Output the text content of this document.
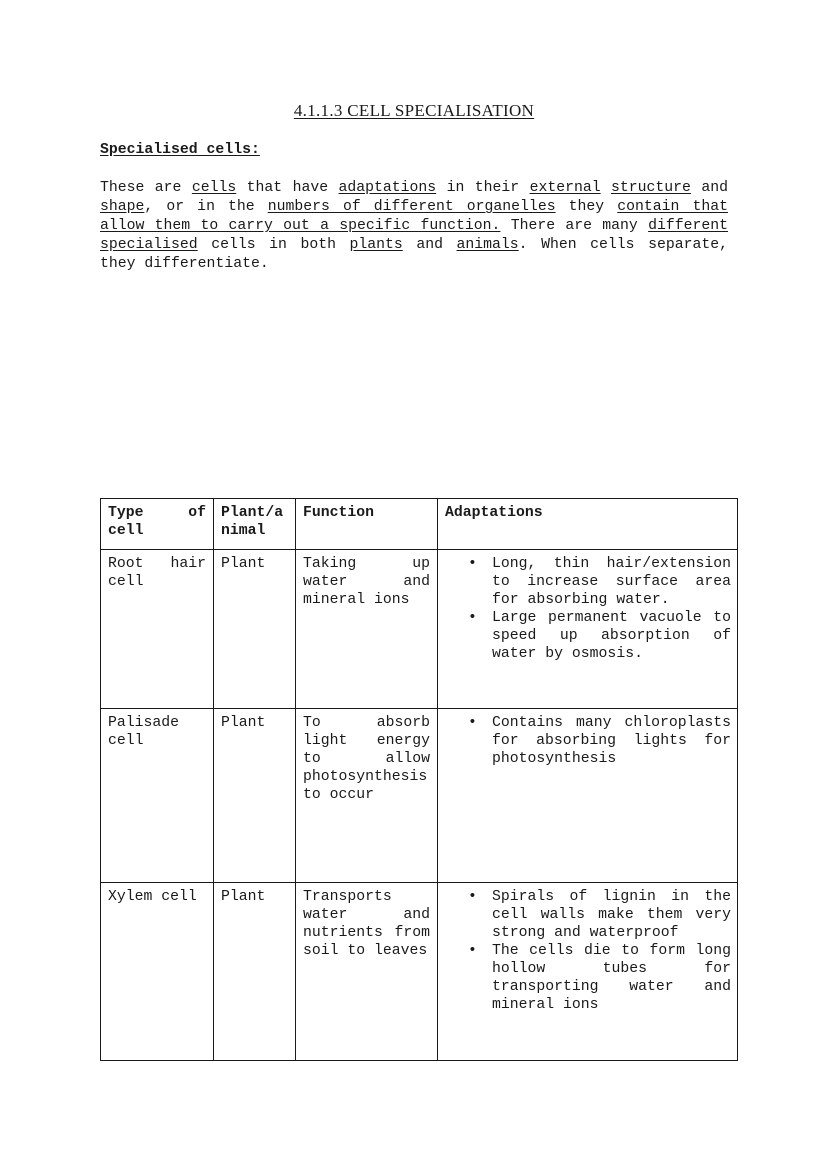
4.1.1.3 CELL SPECIALISATION
Specialised cells:

These are cells that have adaptations in their external structure and shape, or in the numbers of different organelles they contain that allow them to carry out a specific function. There are many different specialised cells in both plants and animals. When cells separate, they differentiate.

Type of cell	Plant/animal	Function	Adaptations
Root hair cell	Plant	Taking up water and mineral ions	
• Long, thin hair/extension to increase surface area for absorbing water.
• Large permanent vacuole to speed up absorption of water by osmosis.

Palisade cell	Plant	To absorb light energy to allow photosynthesis to occur	
• Contains many chloroplasts for absorbing lights for photosynthesis

Xylem cell	Plant	Transports water and nutrients from soil to leaves	
• Spirals of lignin in the cell walls make them very strong and waterproof
• The cells die to form long hollow tubes for transporting water and mineral ions
